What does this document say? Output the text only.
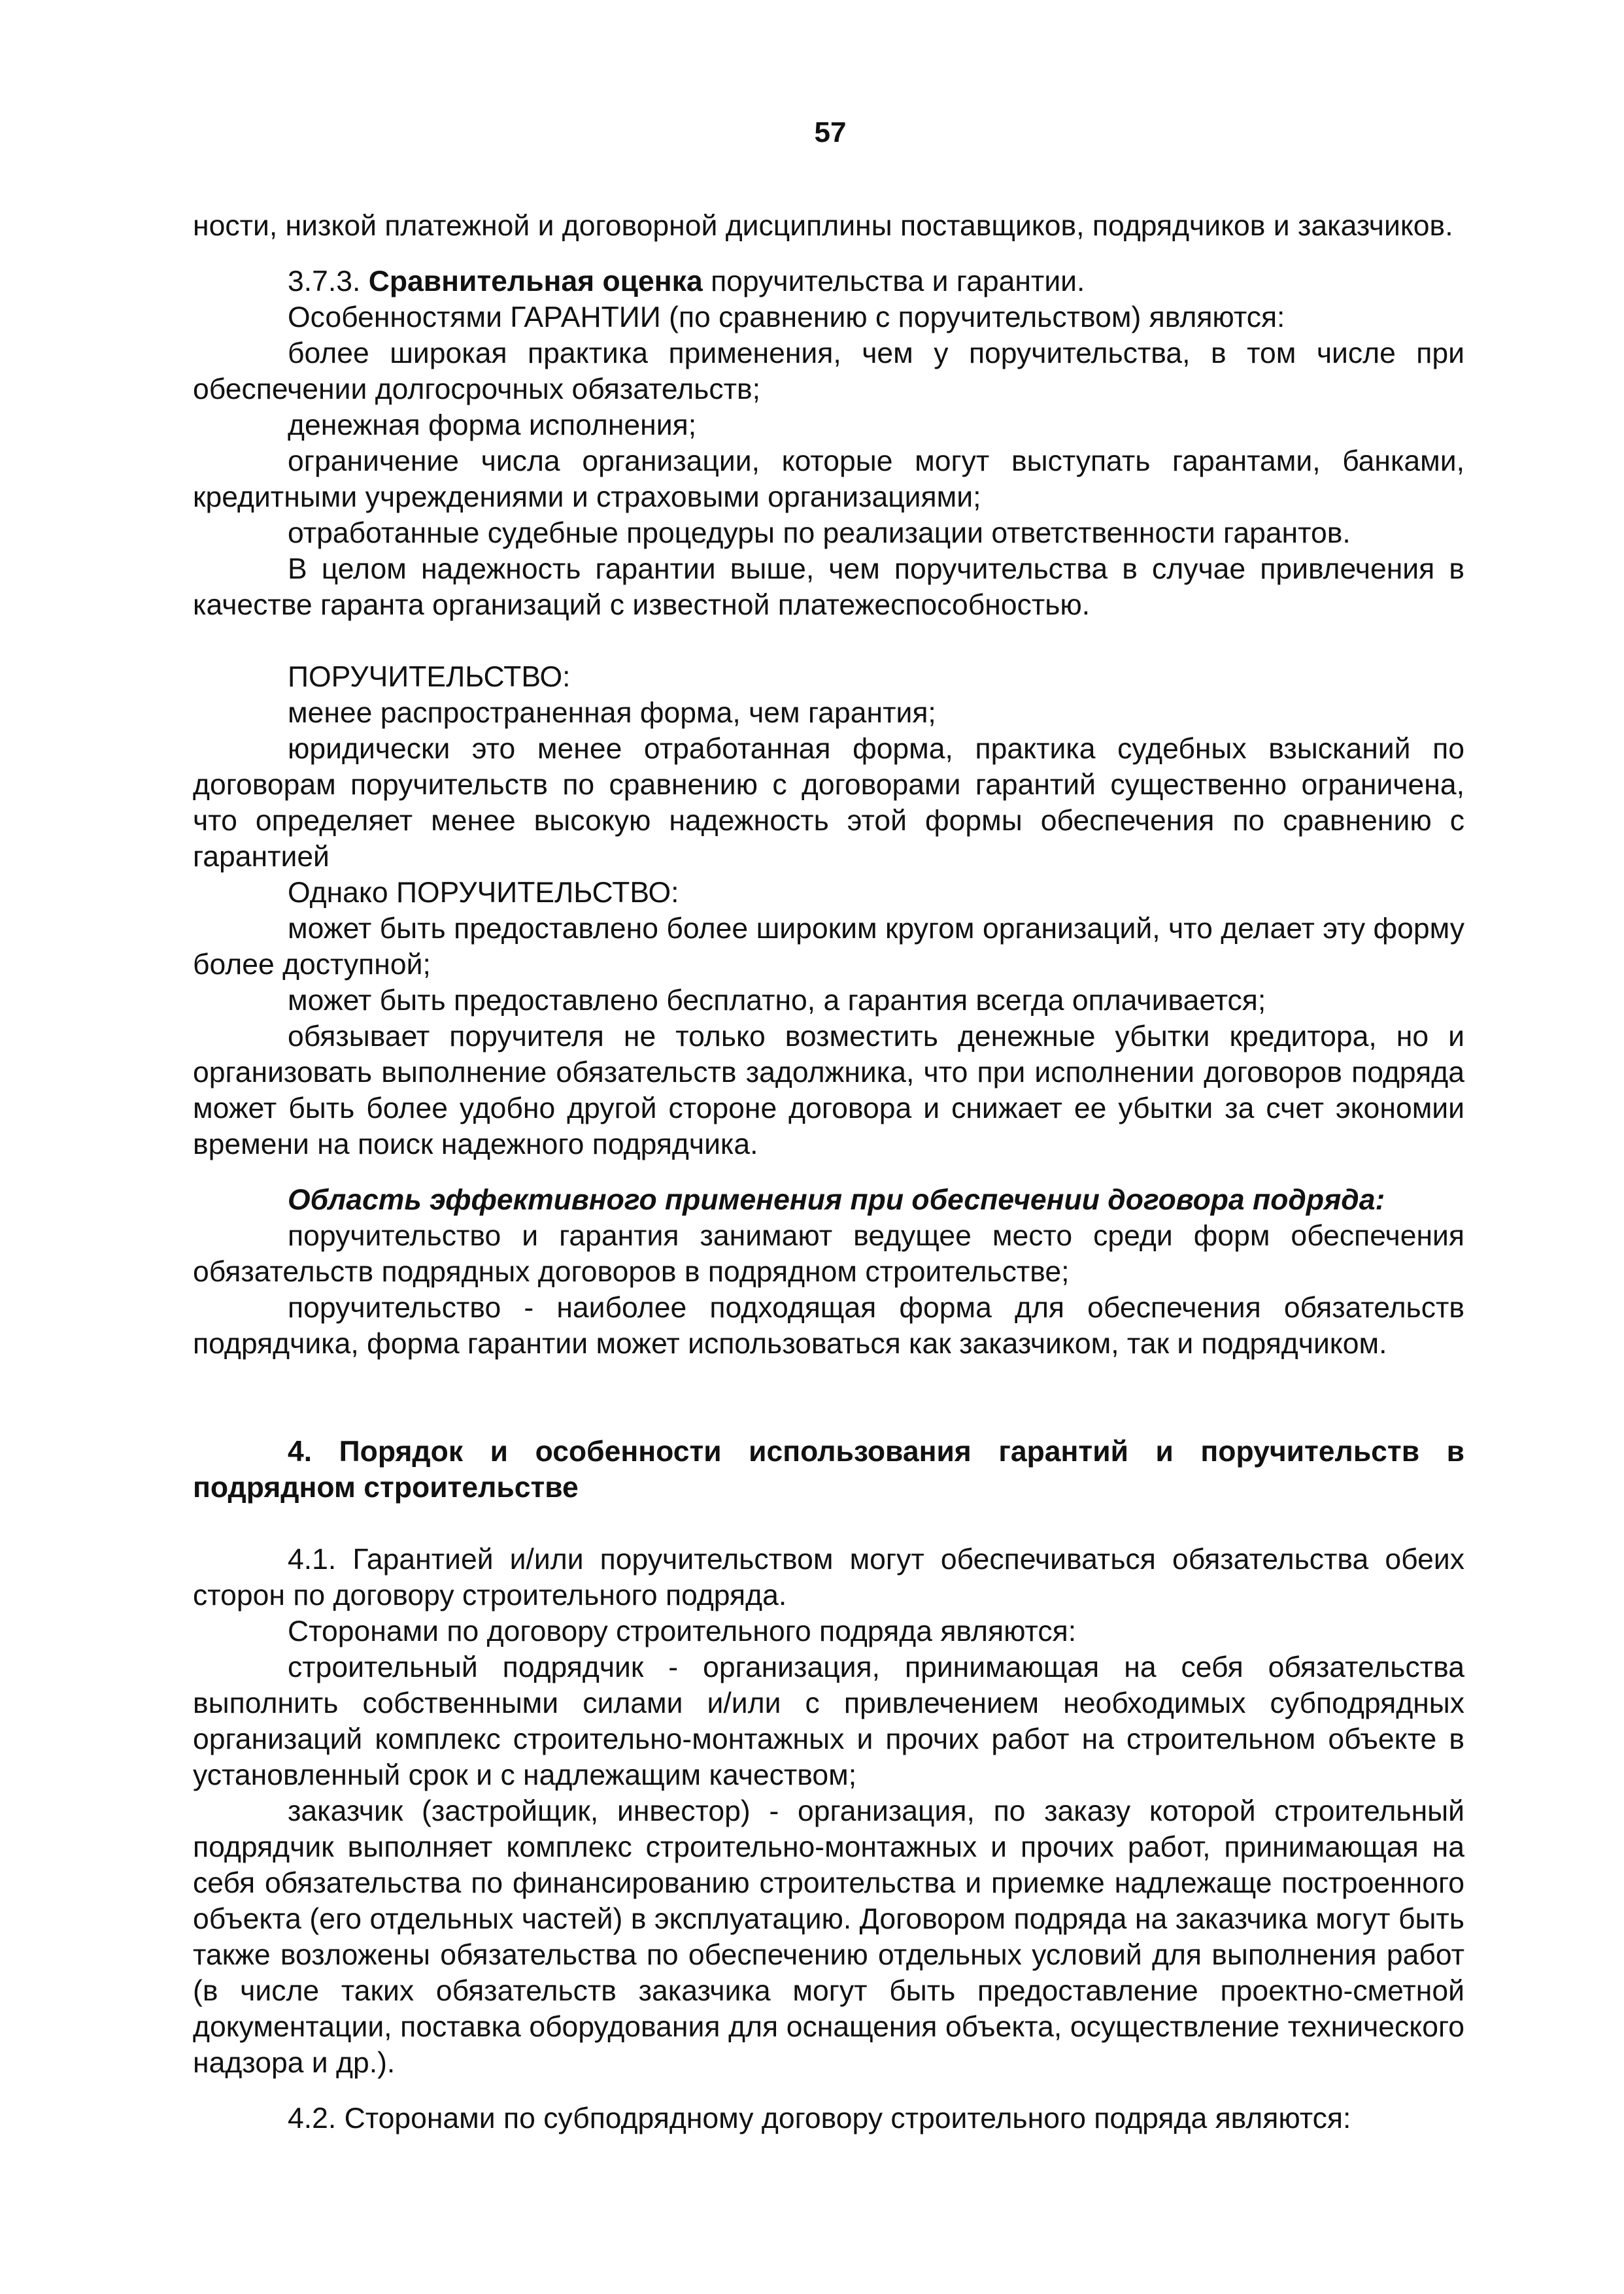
57

ности, низкой платежной и договорной дисциплины поставщиков, подрядчиков и заказчиков.

3.7.3. Сравнительная оценка поручительства и гарантии.

Особенностями ГАРАНТИИ (по сравнению с поручительством) являются:

более широкая практика применения, чем у поручительства, в том числе при обеспечении долгосрочных обязательств;

денежная форма исполнения;

ограничение числа организации, которые могут выступать гарантами, банками, кредитными учреждениями и страховыми организациями;

отработанные судебные процедуры по реализации ответственности гарантов.

В целом надежность гарантии выше, чем поручительства в случае привлечения в качестве гаранта организаций с известной платежеспособностью.

ПОРУЧИТЕЛЬСТВО:

менее распространенная форма, чем гарантия;

юридически это менее отработанная форма, практика судебных взысканий по договорам поручительств по сравнению с договорами гарантий существенно ограничена, что определяет менее высокую надежность этой формы обеспечения по сравнению с гарантией

Однако ПОРУЧИТЕЛЬСТВО:

может быть предоставлено более широким кругом организаций, что делает эту форму более доступной;

может быть предоставлено бесплатно, а гарантия всегда оплачивается;

обязывает поручителя не только возместить денежные убытки кредитора, но и организовать выполнение обязательств задолжника, что при исполнении договоров подряда может быть более удобно другой стороне договора и снижает ее убытки за счет экономии времени на поиск надежного подрядчика.

Область эффективного применения при обеспечении договора подряда:

поручительство и гарантия занимают ведущее место среди форм обеспечения обязательств подрядных договоров в подрядном строительстве;

поручительство - наиболее подходящая форма для обеспечения обязательств подрядчика, форма гарантии может использоваться как заказчиком, так и подрядчиком.

4. Порядок и особенности использования гарантий и поручительств в подрядном строительстве

4.1. Гарантией и/или поручительством могут обеспечиваться обязательства обеих сторон по договору строительного подряда.

Сторонами по договору строительного подряда являются:

строительный подрядчик - организация, принимающая на себя обязательства выполнить собственными силами и/или с привлечением необходимых субподрядных организаций комплекс строительно-монтажных и прочих работ на строительном объекте в установленный срок и с надлежащим качеством;

заказчик (застройщик, инвестор) - организация, по заказу которой строительный подрядчик выполняет комплекс строительно-монтажных и прочих работ, принимающая на себя обязательства по финансированию строительства и приемке надлежаще построенного объекта (его отдельных частей) в эксплуатацию. Договором подряда на заказчика могут быть также возложены обязательства по обеспечению отдельных условий для выполнения работ (в числе таких обязательств заказчика могут быть предоставление проектно-сметной документации, поставка оборудования для оснащения объекта, осуществление технического надзора и др.).

4.2. Сторонами по субподрядному договору строительного подряда являются:
